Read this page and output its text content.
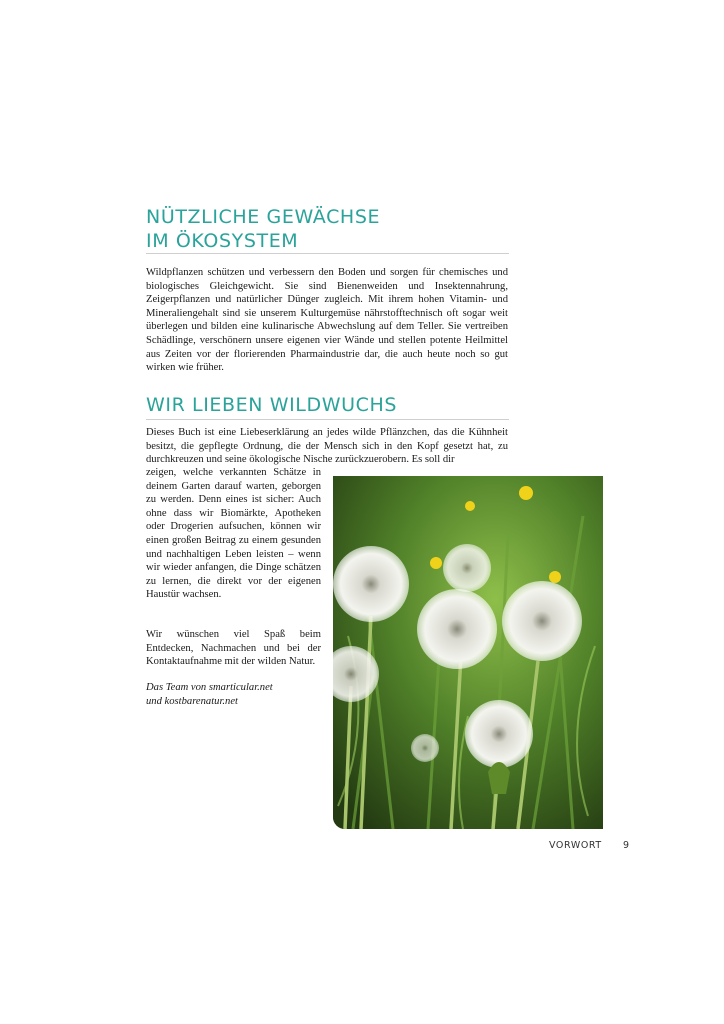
NÜTZLICHE GEWÄCHSE
IM ÖKOSYSTEM

Wildpflanzen schützen und verbessern den Boden und sorgen für chemisches und biologisches Gleichgewicht. Sie sind Bienenweiden und Insektennahrung, Zeigerpflanzen und natürlicher Dünger zugleich. Mit ihrem hohen Vitamin- und Mineraliengehalt sind sie unserem Kulturgemüse nährstofftechnisch oft sogar weit überlegen und bilden eine kulinarische Abwechslung auf dem Teller. Sie vertreiben Schädlinge, verschönern unsere eigenen vier Wände und stellen potente Heilmittel aus Zeiten vor der florierenden Pharmaindustrie dar, die auch heute noch so gut wirken wie früher.

WIR LIEBEN WILDWUCHS

Dieses Buch ist eine Liebeserklärung an jedes wilde Pflänzchen, das die Kühnheit besitzt, die gepflegte Ordnung, die der Mensch sich in den Kopf gesetzt hat, zu durchkreuzen und seine ökologische Nische zurückzuerobern. Es soll dir

zeigen, welche verkannten Schätze in deinem Garten darauf warten, geborgen zu werden. Denn eines ist sicher: Auch ohne dass wir Biomärkte, Apotheken oder Drogerien aufsuchen, können wir einen großen Beitrag zu einem gesunden und nachhaltigen Leben leisten – wenn wir wieder anfangen, die Dinge schätzen zu lernen, die direkt vor der eigenen Haustür wachsen.

Wir wünschen viel Spaß beim Entdecken, Nachmachen und bei der Kontaktaufnahme mit der wilden Natur.

Das Team von smarticular.net
und kostbarenatur.net

VORWORT 9
